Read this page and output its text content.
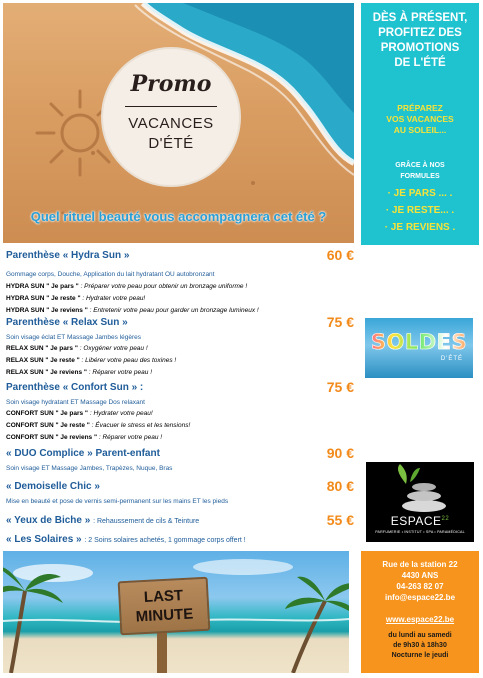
Promo
VACANCES
D'ÉTÉ
Quel rituel beauté vous accompagnera cet été ?
Parenthèse « Hydra Sun »	60 €
Gommage corps, Douche, Application du lait hydratant OU autobronzant
HYDRA SUN " Je pars " : Préparer votre peau pour obtenir un bronzage uniforme !
HYDRA SUN " Je reste " : Hydrater votre peau!
HYDRA SUN " Je reviens " : Entretenir votre peau pour garder un bronzage lumineux !
Parenthèse « Relax Sun »	75 €
Soin visage éclat ET Massage Jambes légères
RELAX SUN " Je pars " : Oxygéner votre peau !
RELAX SUN " Je reste " : Libérer votre peau des toxines !
RELAX SUN " Je reviens " : Réparer votre peau !
Parenthèse « Confort Sun » :	75 €
Soin visage hydratant ET Massage Dos relaxant
CONFORT SUN " Je pars " : Hydrater votre peau!
CONFORT SUN " Je reste " : Évacuer le stress et les tensions!
CONFORT SUN " Je reviens " : Réparer votre peau !
« DUO Complice » Parent-enfant	90 €
Soin visage ET Massage Jambes, Trapèzes, Nuque, Bras
« Demoiselle Chic »	80 €
Mise en beauté et pose de vernis semi-permanent sur les mains ET les pieds
« Yeux de Biche » : Rehaussement de cils & Teinture	55 €
« Les Solaires » : 2 Soins solaires achetés, 1 gommage corps offert !
LAST
MINUTE
DÈS À PRÉSENT,
PROFITEZ DES
PROMOTIONS
DE L'ÉTÉ
PRÉPAREZ
VOS VACANCES
AU SOLEIL...
GRÂCE À NOS
FORMULES
· JE PARS ... .
· JE RESTE... .
· JE REVIENS .
SOLDES
D'ÉTÉ
ESPACE$^{22}$
PARFUMERIE • INSTITUT • SPA • PARAMÉDICAL
Rue de la station 22
4430 ANS
04-263 82 07
info@espace22.be
www.espace22.be
du lundi au samedi
de 9h30 à 18h30
Nocturne le jeudi
